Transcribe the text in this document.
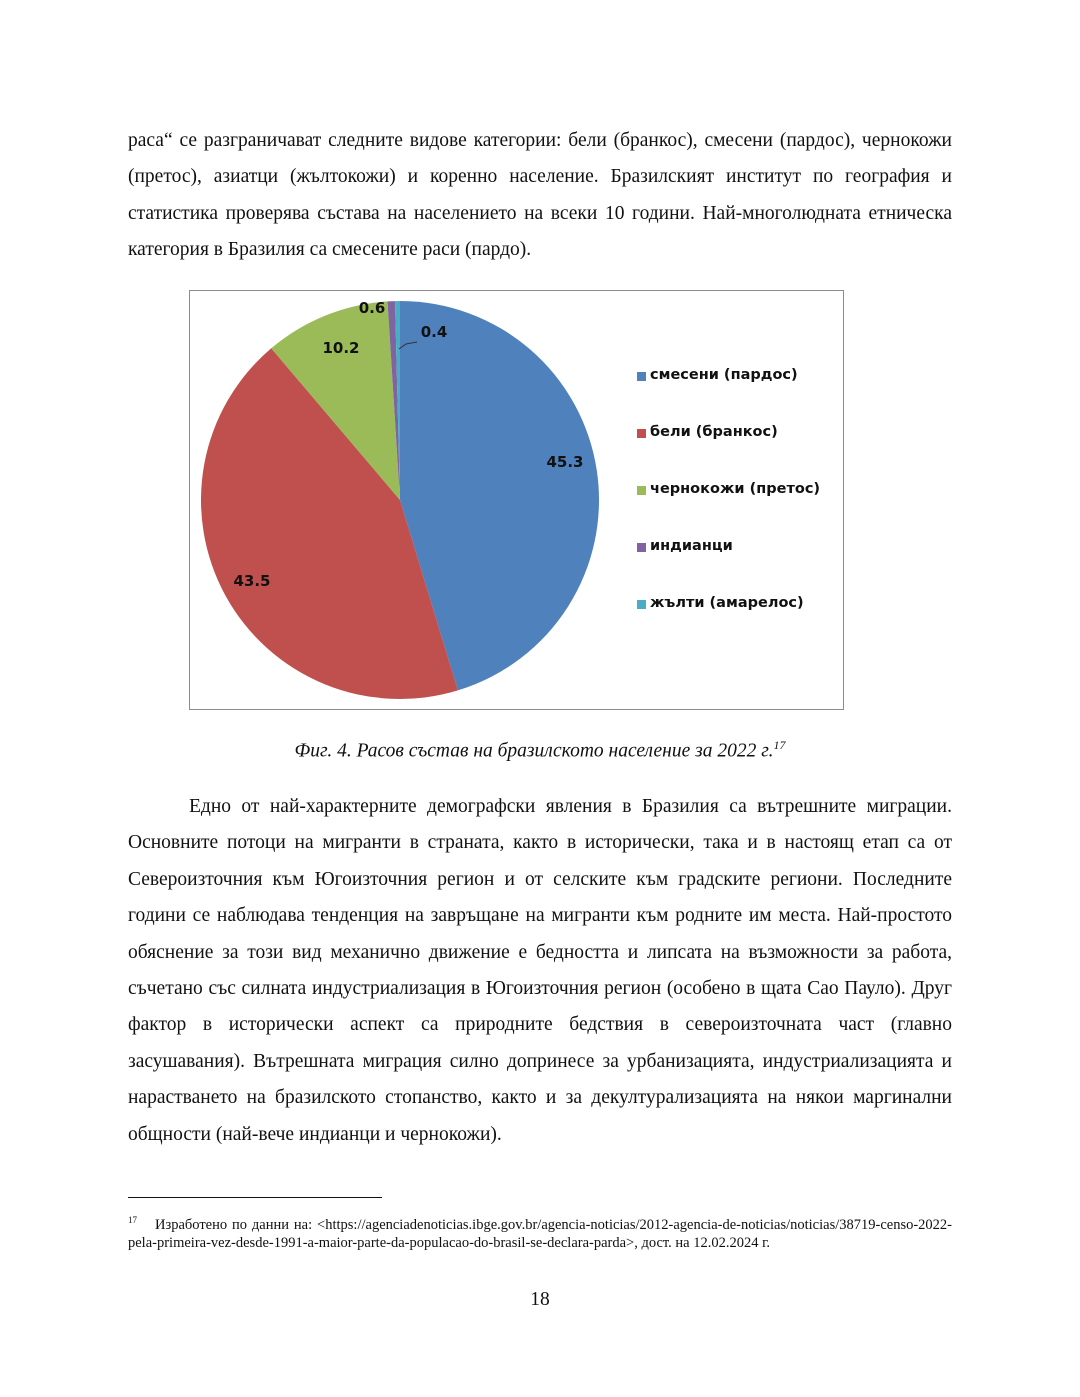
раса“ се разграничават следните видове категории: бели (бранкос), смесени (пардос), чернокожи (претос), азиатци (жълтокожи) и коренно население. Бразилският институт по география и статистика проверява състава на населението на всеки 10 години. Най-многолюдната етническа категория в Бразилия са смесените раси (пардо).

45.3
43.5
10.2
0.6
0.4
смесени (пардос)
бели (бранкос)
чернокожи (претос)
индианци
жълти (амарелос)
Фиг. 4. Расов състав на бразилското население за 2022 г.$^{17}$

Едно от най-характерните демографски явления в Бразилия са вътрешните миграции. Основните потоци на мигранти в страната, както в исторически, така и в настоящ етап са от Североизточния към Югоизточния регион и от селските към градските региони. Последните години се наблюдава тенденция на завръщане на мигранти към родните им места. Най-простото обяснение за този вид механично движение е бедността и липсата на възможности за работа, съчетано със силната индустриализация в Югоизточния регион (особено в щата Сао Пауло). Друг фактор в исторически аспект са природните бедствия в североизточната част (главно засушавания). Вътрешната миграция силно допринесе за урбанизацията, индустриализацията и нарастването на бразилското стопанство, както и за декултурализацията на някои маргинални общности (най-вече индианци и чернокожи).

$^{17}$ Изработено по данни на: <https://agenciadenoticias.ibge.gov.br/agencia-noticias/2012-agencia-de-noticias/noticias/38719-censo-2022-pela-primeira-vez-desde-1991-a-maior-parte-da-populacao-do-brasil-se-declara-parda>, дост. на 12.02.2024 г.

18
